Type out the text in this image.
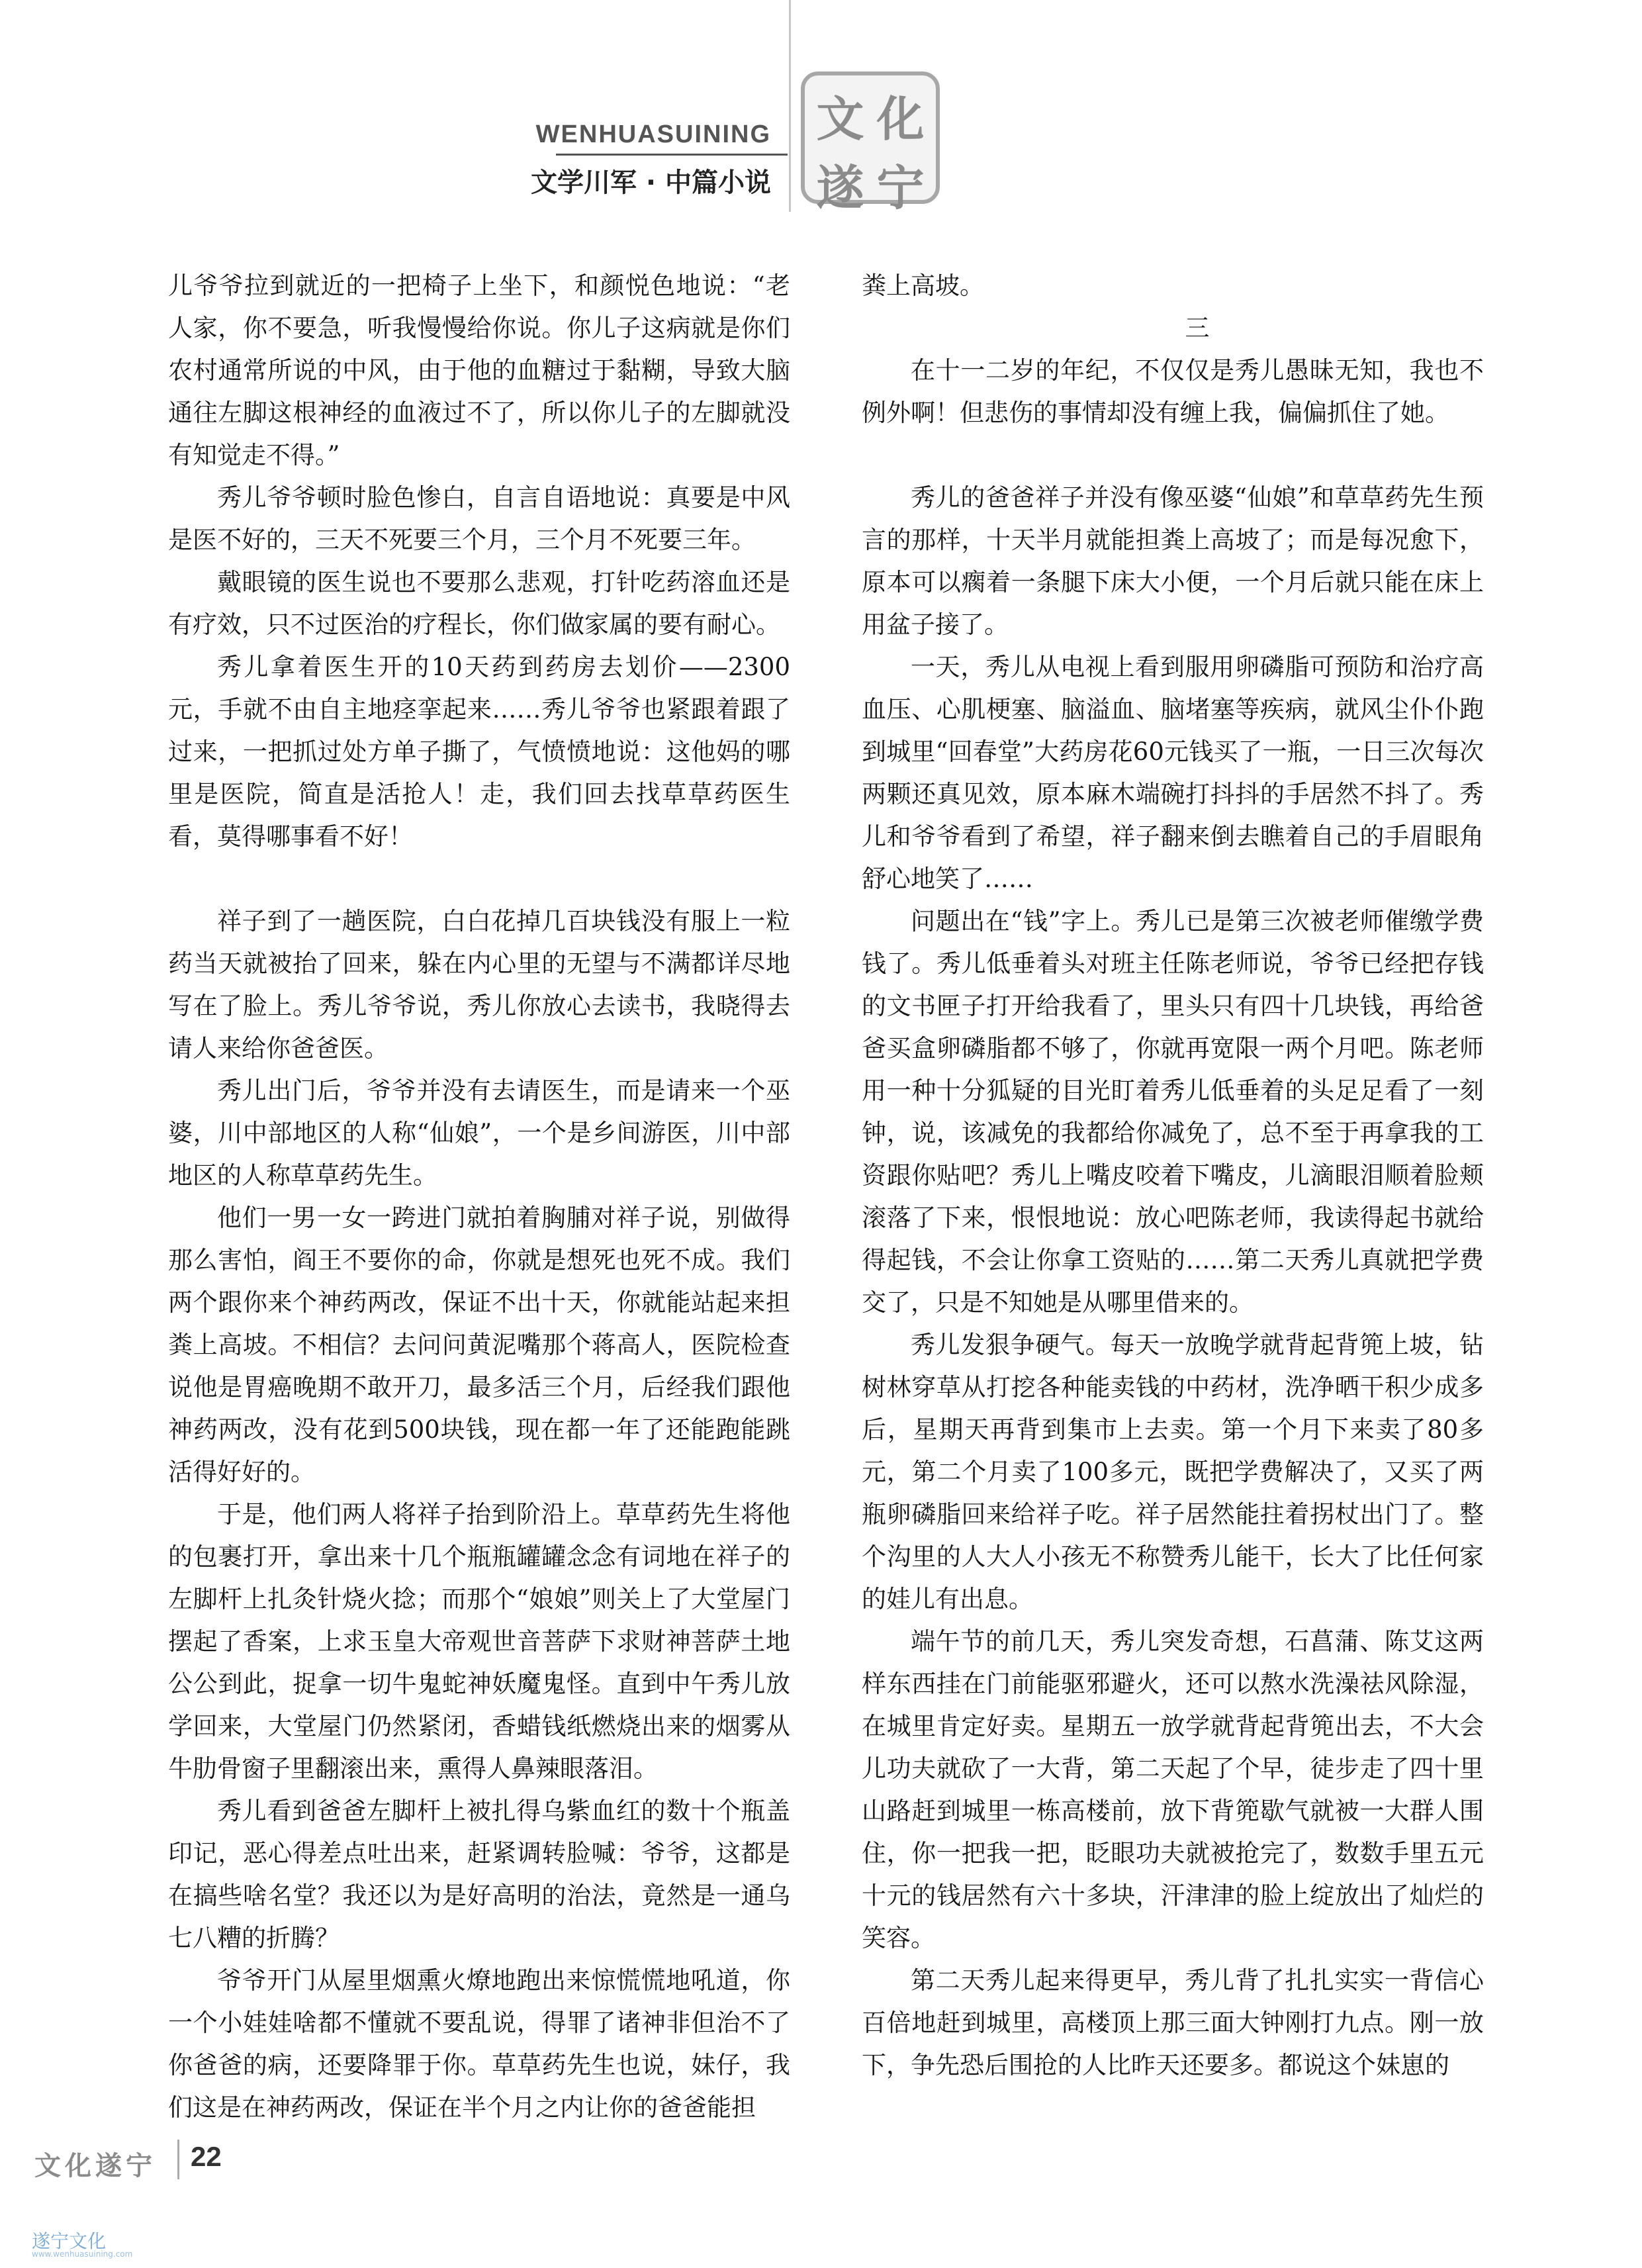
WENHUASUINING
文学川军 · 中篇小说
文 化
遂 宁

儿爷爷拉到就近的一把椅子上坐下，和颜悦色地说：“老人家，你不要急，听我慢慢给你说。你儿子这病就是你们农村通常所说的中风，由于他的血糖过于黏糊，导致大脑通往左脚这根神经的血液过不了，所以你儿子的左脚就没有知觉走不得。”

秀儿爷爷顿时脸色惨白，自言自语地说：真要是中风是医不好的，三天不死要三个月，三个月不死要三年。

戴眼镜的医生说也不要那么悲观，打针吃药溶血还是有疗效，只不过医治的疗程长，你们做家属的要有耐心。

秀儿拿着医生开的10天药到药房去划价——2300元，手就不由自主地痉挛起来……秀儿爷爷也紧跟着跟了过来，一把抓过处方单子撕了，气愤愤地说：这他妈的哪里是医院，简直是活抢人！走，我们回去找草草药医生看，莫得哪事看不好！

祥子到了一趟医院，白白花掉几百块钱没有服上一粒药当天就被抬了回来，躲在内心里的无望与不满都详尽地写在了脸上。秀儿爷爷说，秀儿你放心去读书，我晓得去请人来给你爸爸医。

秀儿出门后，爷爷并没有去请医生，而是请来一个巫婆，川中部地区的人称“仙娘”，一个是乡间游医，川中部地区的人称草草药先生。

他们一男一女一跨进门就拍着胸脯对祥子说，别做得那么害怕，阎王不要你的命，你就是想死也死不成。我们两个跟你来个神药两改，保证不出十天，你就能站起来担粪上高坡。不相信？去问问黄泥嘴那个蒋高人，医院检查说他是胃癌晚期不敢开刀，最多活三个月，后经我们跟他神药两改，没有花到500块钱，现在都一年了还能跑能跳活得好好的。

于是，他们两人将祥子抬到阶沿上。草草药先生将他的包裹打开，拿出来十几个瓶瓶罐罐念念有词地在祥子的左脚杆上扎灸针烧火捻；而那个“娘娘”则关上了大堂屋门摆起了香案，上求玉皇大帝观世音菩萨下求财神菩萨土地公公到此，捉拿一切牛鬼蛇神妖魔鬼怪。直到中午秀儿放学回来，大堂屋门仍然紧闭，香蜡钱纸燃烧出来的烟雾从牛肋骨窗子里翻滚出来，熏得人鼻辣眼落泪。

秀儿看到爸爸左脚杆上被扎得乌紫血红的数十个瓶盖印记，恶心得差点吐出来，赶紧调转脸喊：爷爷，这都是在搞些啥名堂？我还以为是好高明的治法，竟然是一通乌七八糟的折腾？

爷爷开门从屋里烟熏火燎地跑出来惊慌慌地吼道，你一个小娃娃啥都不懂就不要乱说，得罪了诸神非但治不了你爸爸的病，还要降罪于你。草草药先生也说，妹仔，我们这是在神药两改，保证在半个月之内让你的爸爸能担

粪上高坡。

三

在十一二岁的年纪，不仅仅是秀儿愚昧无知，我也不例外啊！但悲伤的事情却没有缠上我，偏偏抓住了她。

秀儿的爸爸祥子并没有像巫婆“仙娘”和草草药先生预言的那样，十天半月就能担粪上高坡了；而是每况愈下，原本可以瘸着一条腿下床大小便，一个月后就只能在床上用盆子接了。

一天，秀儿从电视上看到服用卵磷脂可预防和治疗高血压、心肌梗塞、脑溢血、脑堵塞等疾病，就风尘仆仆跑到城里“回春堂”大药房花60元钱买了一瓶，一日三次每次两颗还真见效，原本麻木端碗打抖抖的手居然不抖了。秀儿和爷爷看到了希望，祥子翻来倒去瞧着自己的手眉眼角舒心地笑了……

问题出在“钱”字上。秀儿已是第三次被老师催缴学费钱了。秀儿低垂着头对班主任陈老师说，爷爷已经把存钱的文书匣子打开给我看了，里头只有四十几块钱，再给爸爸买盒卵磷脂都不够了，你就再宽限一两个月吧。陈老师用一种十分狐疑的目光盯着秀儿低垂着的头足足看了一刻钟，说，该减免的我都给你减免了，总不至于再拿我的工资跟你贴吧？秀儿上嘴皮咬着下嘴皮，儿滴眼泪顺着脸颊滚落了下来，恨恨地说：放心吧陈老师，我读得起书就给得起钱，不会让你拿工资贴的……第二天秀儿真就把学费交了，只是不知她是从哪里借来的。

秀儿发狠争硬气。每天一放晚学就背起背篼上坡，钻树林穿草从打挖各种能卖钱的中药材，洗净晒干积少成多后，星期天再背到集市上去卖。第一个月下来卖了80多元，第二个月卖了100多元，既把学费解决了，又买了两瓶卵磷脂回来给祥子吃。祥子居然能拄着拐杖出门了。整个沟里的人大人小孩无不称赞秀儿能干，长大了比任何家的娃儿有出息。

端午节的前几天，秀儿突发奇想，石菖蒲、陈艾这两样东西挂在门前能驱邪避火，还可以熬水洗澡祛风除湿，在城里肯定好卖。星期五一放学就背起背篼出去，不大会儿功夫就砍了一大背，第二天起了个早，徒步走了四十里山路赶到城里一栋高楼前，放下背篼歇气就被一大群人围住，你一把我一把，眨眼功夫就被抢完了，数数手里五元十元的钱居然有六十多块，汗津津的脸上绽放出了灿烂的笑容。

第二天秀儿起来得更早，秀儿背了扎扎实实一背信心百倍地赶到城里，高楼顶上那三面大钟刚打九点。刚一放下，争先恐后围抢的人比昨天还要多。都说这个妹崽的

文化遂宁 22
遂宁文化
www.wenhuasuining.com
